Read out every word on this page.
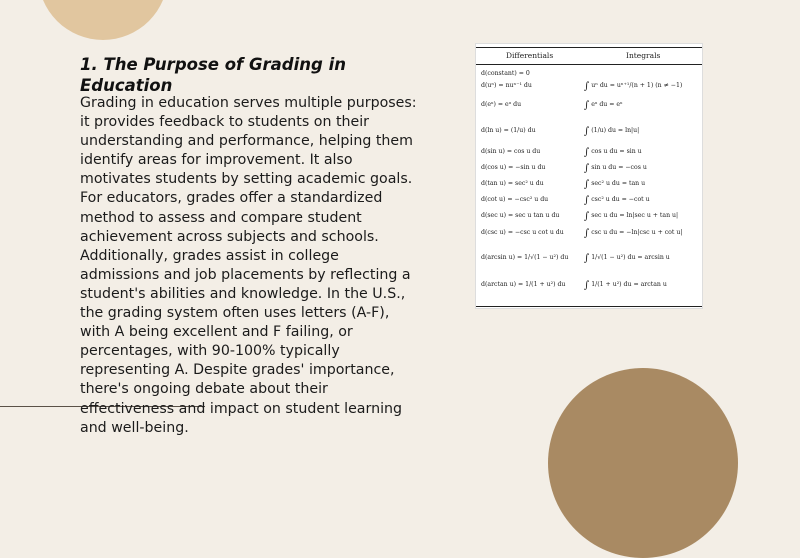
1. The Purpose of Grading in Education

Grading in education serves multiple purposes: it provides feedback to students on their understanding and performance, helping them identify areas for improvement. It also motivates students by setting academic goals. For educators, grades offer a standardized method to assess and compare student achievement across subjects and schools. Additionally, grades assist in college admissions and job placements by reflecting a student's abilities and knowledge. In the U.S., the grading system often uses letters (A-F), with A being excellent and F failing, or percentages, with 90-100% typically representing A. Despite grades' importance, there's ongoing debate about their effectiveness and impact on student learning and well-being.

Differentials	Integrals
d(constant) = 0
d(uⁿ) = nuⁿ⁻¹ du	∫ uⁿ du = uⁿ⁺¹/(n + 1) (n ≠ −1)
d(eᵘ) = eᵘ du	∫ eᵘ du = eᵘ
d(ln u) = (1/u) du	∫ (1/u) du = ln|u|
d(sin u) = cos u du	∫ cos u du = sin u
d(cos u) = −sin u du	∫ sin u du = −cos u
d(tan u) = sec² u du	∫ sec² u du = tan u
d(cot u) = −csc² u du	∫ csc² u du = −cot u
d(sec u) = sec u tan u du ∫ sec u du = ln|sec u + tan u|
d(csc u) = −csc u cot u du ∫ csc u du = −ln|csc u + cot u|
d(arcsin u) = 1/√(1 − u²) du ∫ 1/√(1 − u²) du = arcsin u
d(arctan u) = 1/(1 + u²) du ∫ 1/(1 + u²) du = arctan u
